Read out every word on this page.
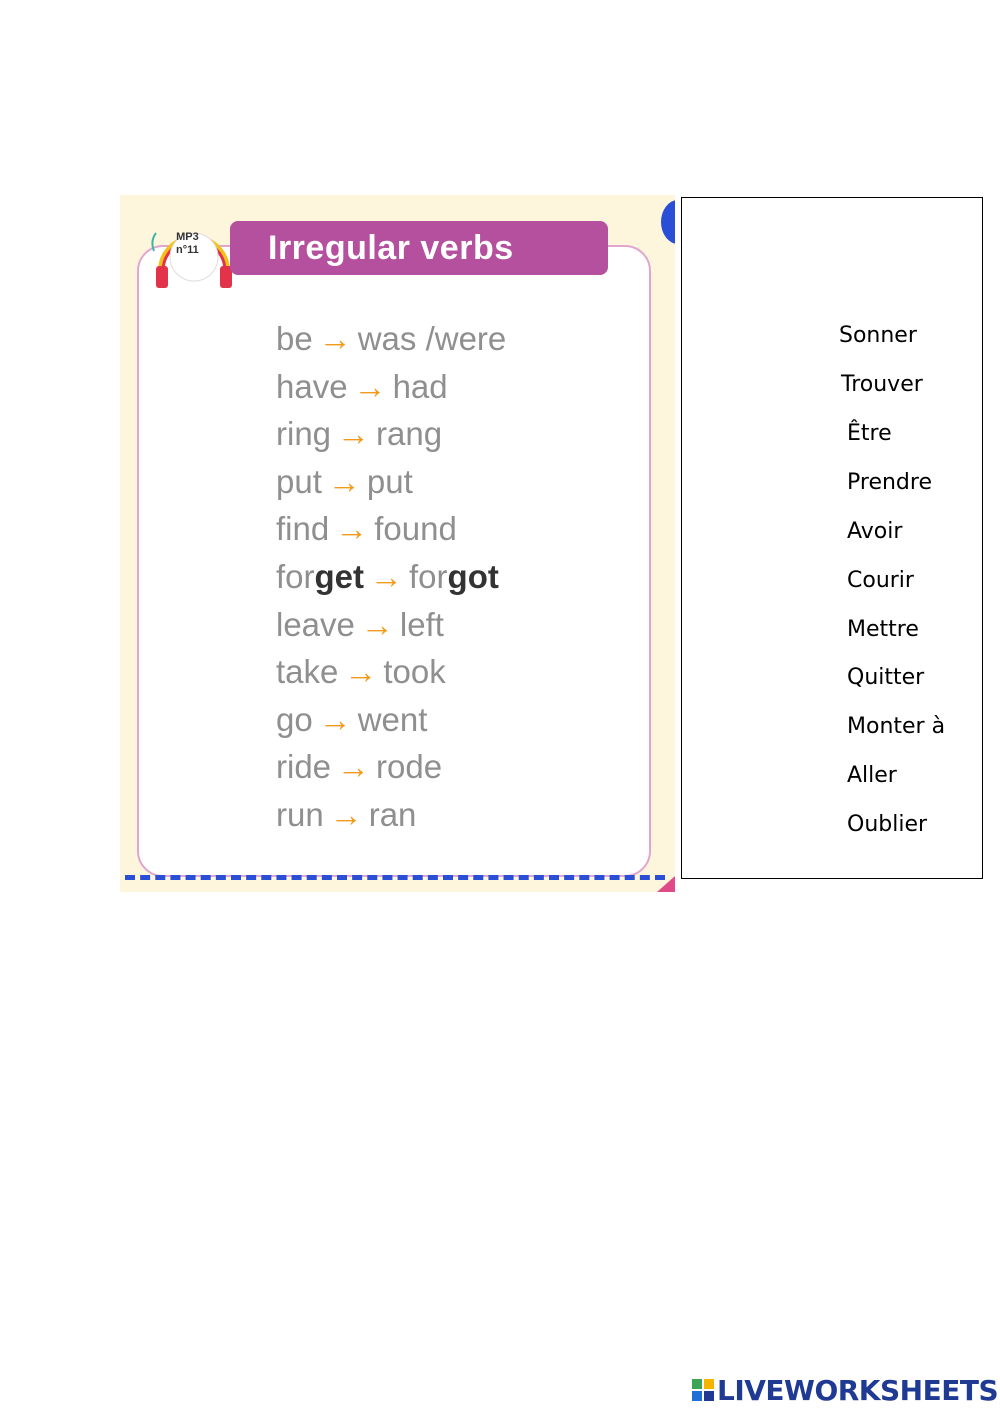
MP3
n°11	Irregular verbs
be → was /were
have → had
ring → rang
put → put
find → found
forget → forgot
leave → left
take → took
go → went
ride → rode
run → ran
Sonner
Trouver
Être
Prendre
Avoir
Courir
Mettre
Quitter
Monter à
Aller
Oublier
LIVEWORKSHEETS
